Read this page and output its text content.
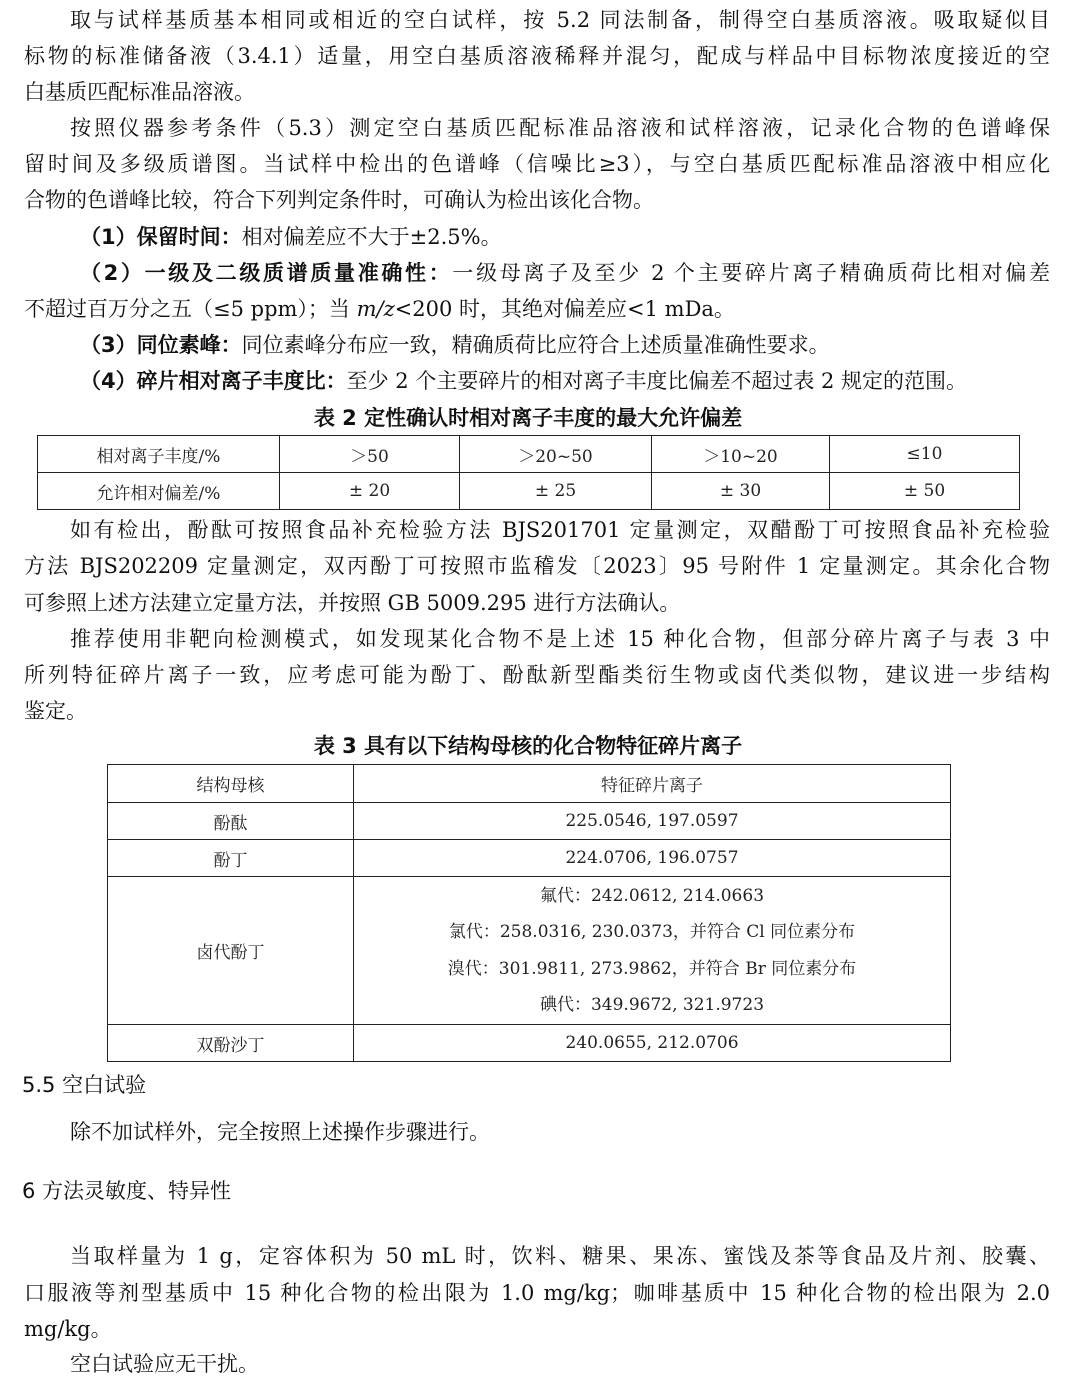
取与试样基质基本相同或相近的空白试样，按 5.2 同法制备，制得空白基质溶液。吸取疑似目
标物的标准储备液（3.4.1）适量，用空白基质溶液稀释并混匀，配成与样品中目标物浓度接近的空
白基质匹配标准品溶液。
按照仪器参考条件（5.3）测定空白基质匹配标准品溶液和试样溶液，记录化合物的色谱峰保
留时间及多级质谱图。当试样中检出的色谱峰（信噪比≥3），与空白基质匹配标准品溶液中相应化
合物的色谱峰比较，符合下列判定条件时，可确认为检出该化合物。
（1）保留时间：相对偏差应不大于±2.5%。
（2）一级及二级质谱质量准确性：一级母离子及至少 2 个主要碎片离子精确质荷比相对偏差
不超过百万分之五（≤5 ppm）；当 m/z<200 时，其绝对偏差应<1 mDa。
（3）同位素峰：同位素峰分布应一致，精确质荷比应符合上述质量准确性要求。
（4）碎片相对离子丰度比：至少 2 个主要碎片的相对离子丰度比偏差不超过表 2 规定的范围。
表 2 定性确认时相对离子丰度的最大允许偏差
相对离子丰度/%	＞50	＞20~50	＞10~20	≤10
允许相对偏差/%	± 20	± 25	± 30	± 50
如有检出，酚酞可按照食品补充检验方法 BJS201701 定量测定，双醋酚丁可按照食品补充检验
方法 BJS202209 定量测定，双丙酚丁可按照市监稽发〔2023〕95 号附件 1 定量测定。其余化合物
可参照上述方法建立定量方法，并按照 GB 5009.295 进行方法确认。
推荐使用非靶向检测模式，如发现某化合物不是上述 15 种化合物，但部分碎片离子与表 3 中
所列特征碎片离子一致，应考虑可能为酚丁、酚酞新型酯类衍生物或卤代类似物，建议进一步结构
鉴定。
表 3 具有以下结构母核的化合物特征碎片离子
结构母核	特征碎片离子
酚酞	225.0546, 197.0597
酚丁	224.0706, 196.0757
卤代酚丁	氟代：242.0612, 214.0663
氯代：258.0316, 230.0373，并符合 Cl 同位素分布
溴代：301.9811, 273.9862，并符合 Br 同位素分布
碘代：349.9672, 321.9723

双酚沙丁	240.0655, 212.0706
5.5 空白试验
除不加试样外，完全按照上述操作步骤进行。
6 方法灵敏度、特异性
当取样量为 1 g，定容体积为 50 mL 时，饮料、糖果、果冻、蜜饯及茶等食品及片剂、胶囊、
口服液等剂型基质中 15 种化合物的检出限为 1.0 mg/kg；咖啡基质中 15 种化合物的检出限为 2.0
mg/kg。
空白试验应无干扰。
